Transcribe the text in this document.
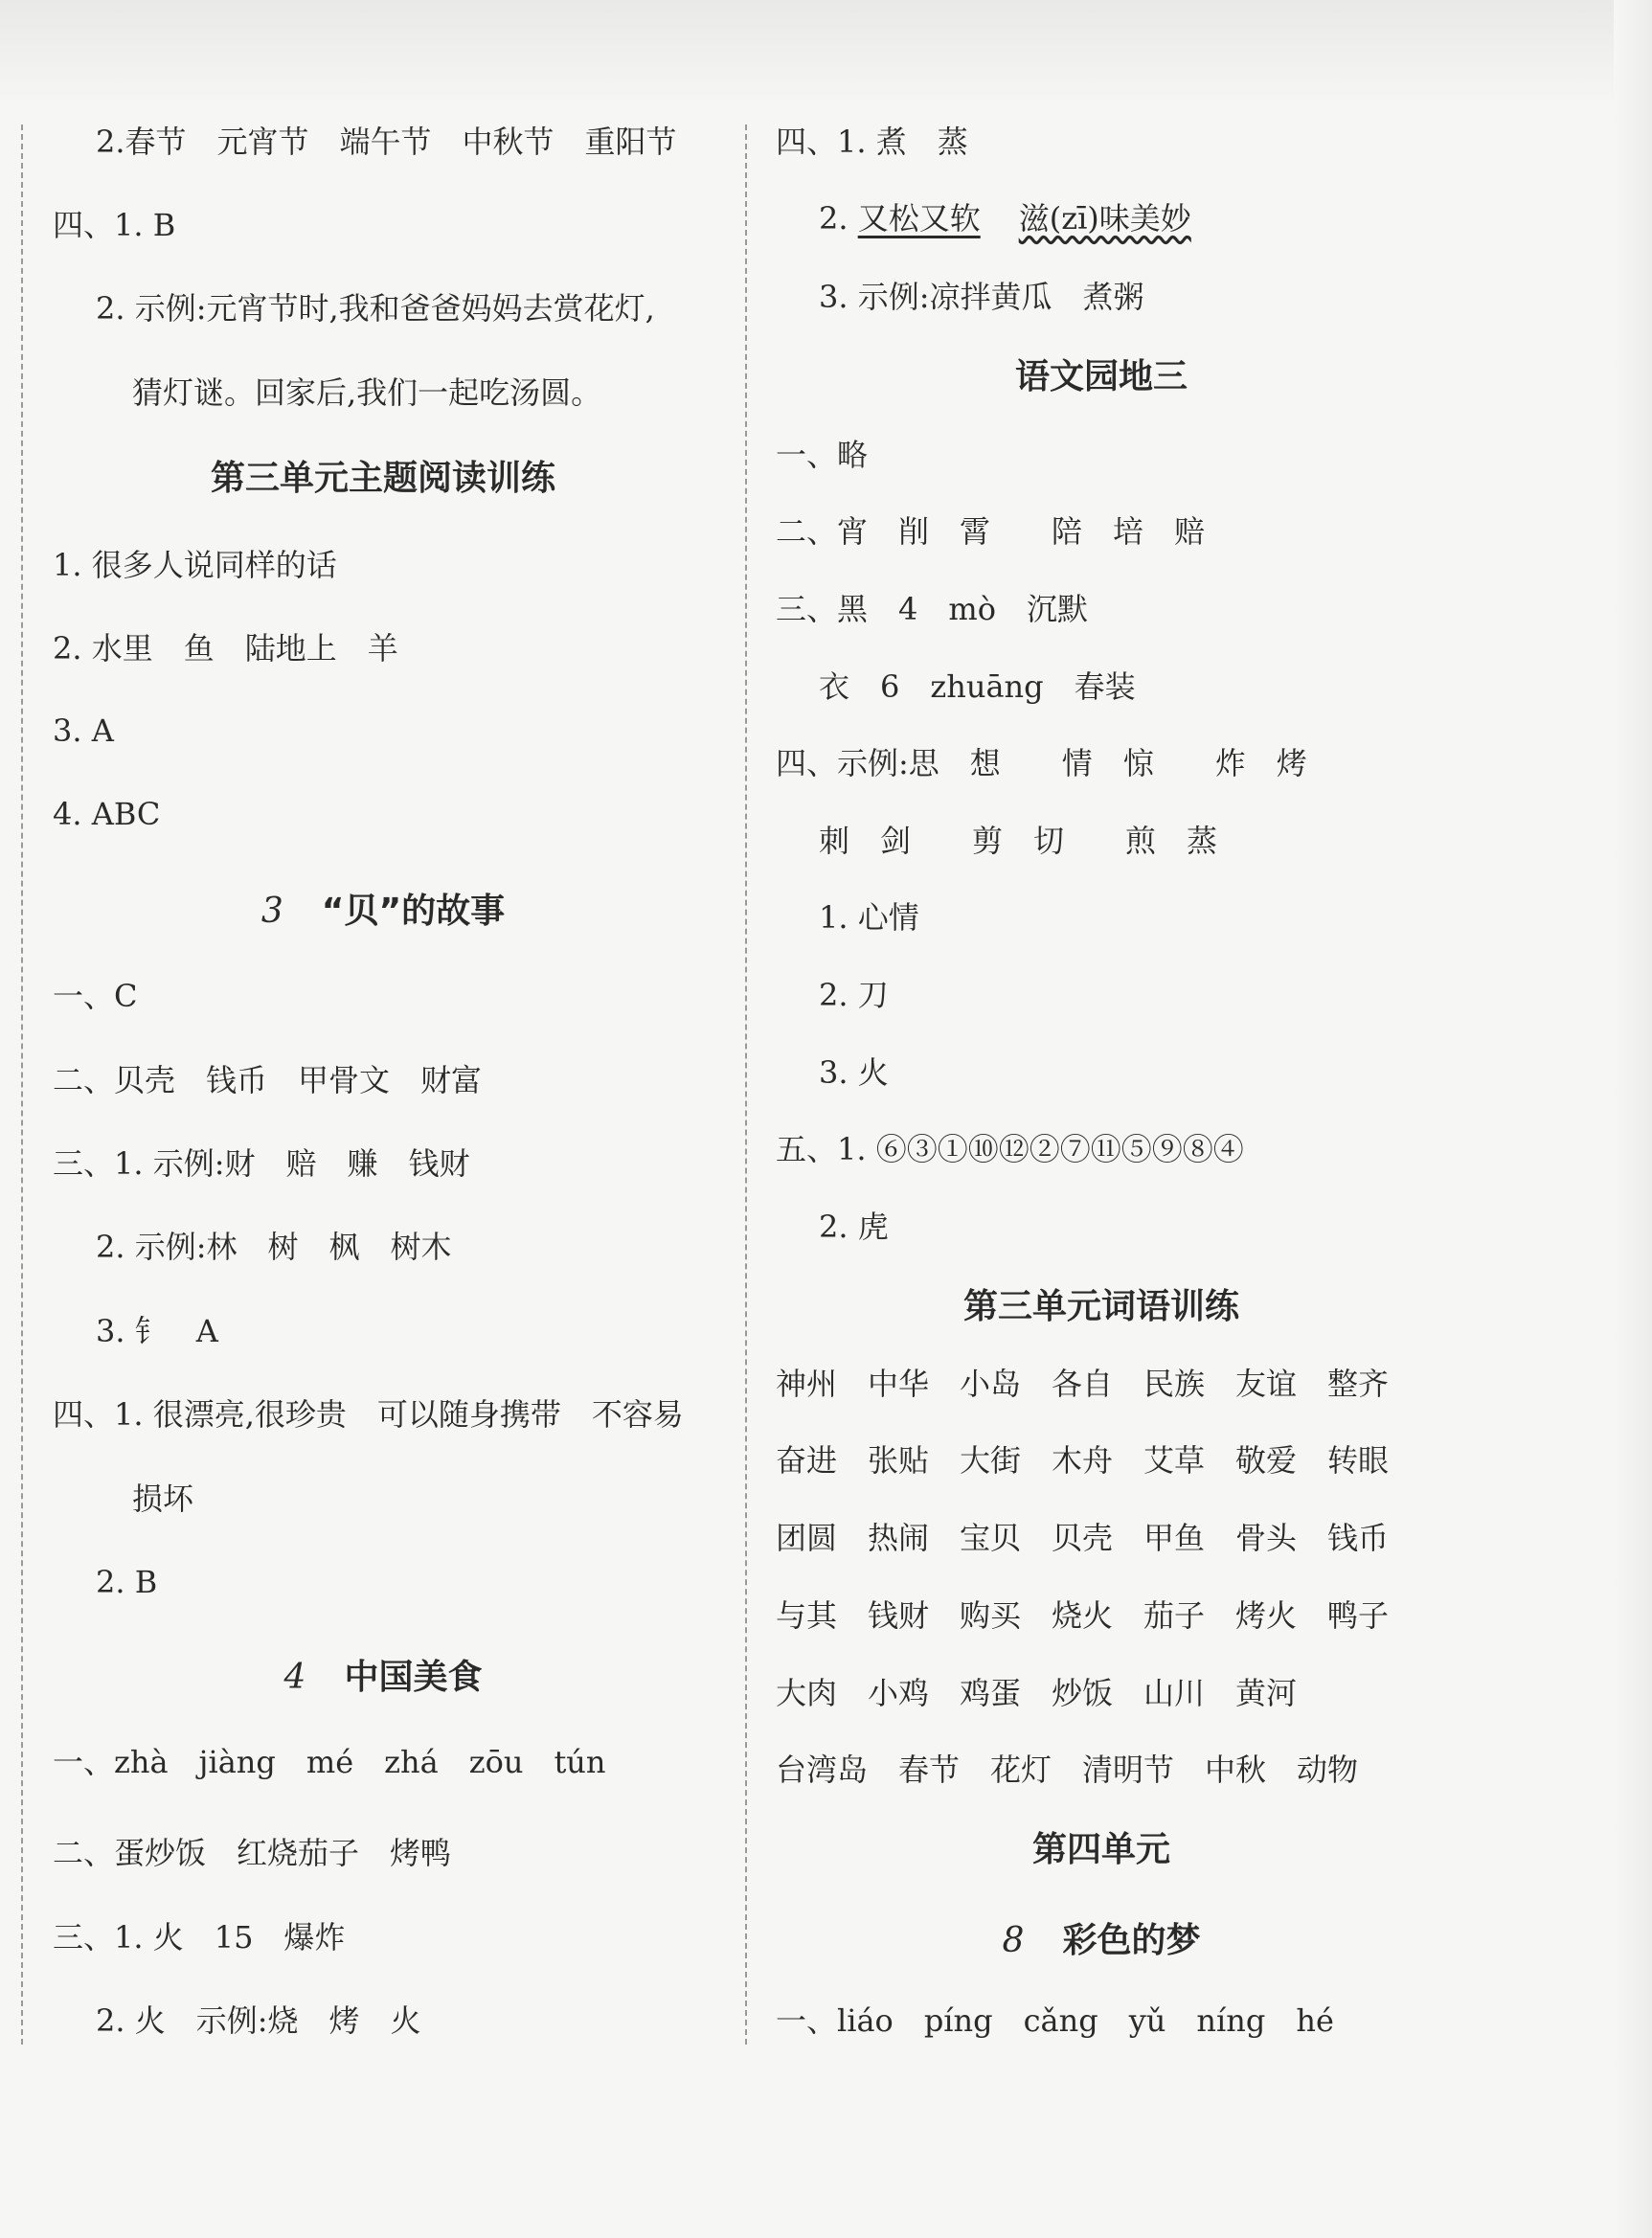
2.春节　元宵节　端午节　中秋节　重阳节
四、1. B
2. 示例:元宵节时,我和爸爸妈妈去赏花灯,
猜灯谜。回家后,我们一起吃汤圆。
第三单元主题阅读训练
1. 很多人说同样的话
2. 水里　鱼　陆地上　羊
3. A
4. ABC
3 “贝”的故事
一、C
二、贝壳　钱币　甲骨文　财富
三、1. 示例:财　赔　赚　钱财
2. 示例:林　树　枫　树木
3. 钅　A
四、1. 很漂亮,很珍贵　可以随身携带　不容易
损坏
2. B
4 中国美食
一、zhà　jiàng　mé　zhá　zōu　tún
二、蛋炒饭　红烧茄子　烤鸭
三、1. 火　15　爆炸
2. 火　示例:烧　烤　火
四、1. 煮　蒸
2. 又松又软 滋(zī)味美妙
3. 示例:凉拌黄瓜　煮粥
语文园地三
一、略
二、宵　削　霄　　陪　培　赔
三、黑　4　mò　沉默
衣　6　zhuāng　春装
四、示例:思　想　　情　惊　　炸　烤
刺　剑　　剪　切　　煎　蒸
1. 心情
2. 刀
3. 火
五、1. ⑥③①⑩⑫②⑦⑪⑤⑨⑧④
2. 虎
第三单元词语训练
神州　中华　小岛　各自　民族　友谊　整齐
奋进　张贴　大街　木舟　艾草　敬爱　转眼
团圆　热闹　宝贝　贝壳　甲鱼　骨头　钱币
与其　钱财　购买　烧火　茄子　烤火　鸭子
大肉　小鸡　鸡蛋　炒饭　山川　黄河
台湾岛　春节　花灯　清明节　中秋　动物
第四单元
8 彩色的梦
一、liáo　píng　cǎng　yǔ　níng　hé
